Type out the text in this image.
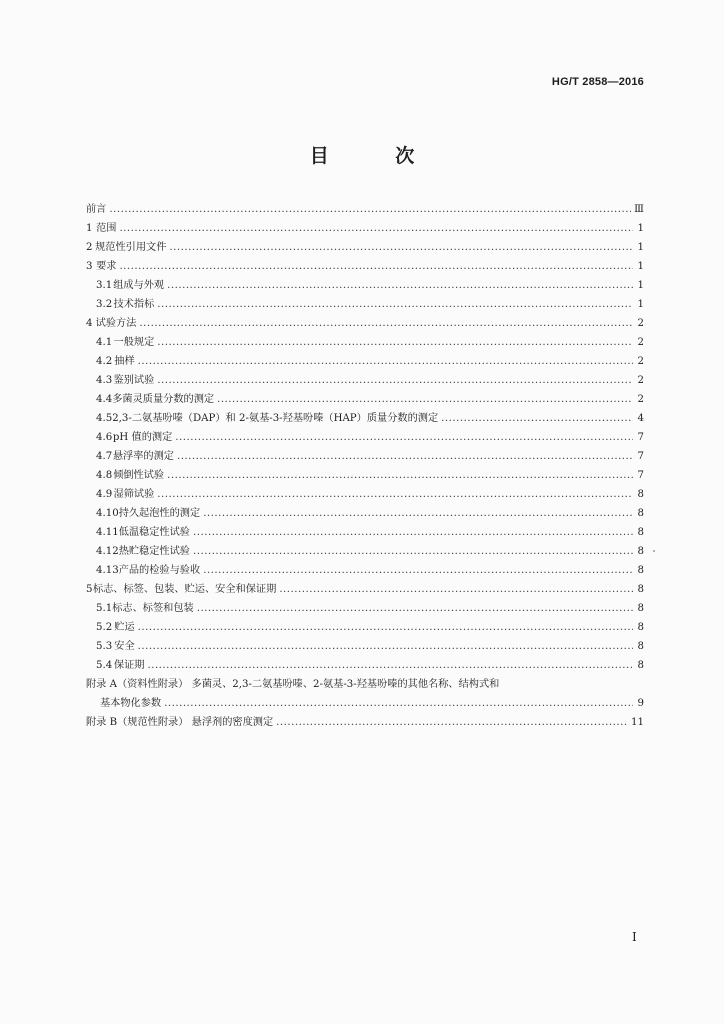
HG/T 2858—2016
目 次
前言 .....	Ⅲ
1 范围 .....	1
2 规范性引用文件 .....	1
3 要求 .....	1
3.1 组成与外观 .....	1
3.2 技术指标 .....	1
4 试验方法 .....	2
4.1 一般规定 .....	2
4.2 抽样 .....	2
4.3 鉴别试验 .....	2
4.4 多菌灵质量分数的测定 .....	2
4.5 2,3-二氨基吩嗪（DAP）和 2-氨基-3-羟基吩嗪（HAP）质量分数的测定 .....	4
4.6 pH 值的测定 .....	7
4.7 悬浮率的测定 .....	7
4.8 倾倒性试验 .....	7
4.9 湿筛试验 .....	8
4.10 持久起泡性的测定 .....	8
4.11 低温稳定性试验 .....	8
4.12 热贮稳定性试验 .....	8
4.13 产品的检验与验收 .....	8
5 标志、标签、包装、贮运、安全和保证期 .....	8
5.1 标志、标签和包装 .....	8
5.2 贮运 .....	8
5.3 安全 .....	8
5.4 保证期 .....	8
附录 A（资料性附录） 多菌灵、2,3-二氨基吩嗪、2-氨基-3-羟基吩嗪的其他名称、结构式和
基本物化参数 .....	9
附录 B（规范性附录） 悬浮剂的密度测定 .....	11
Ⅰ
